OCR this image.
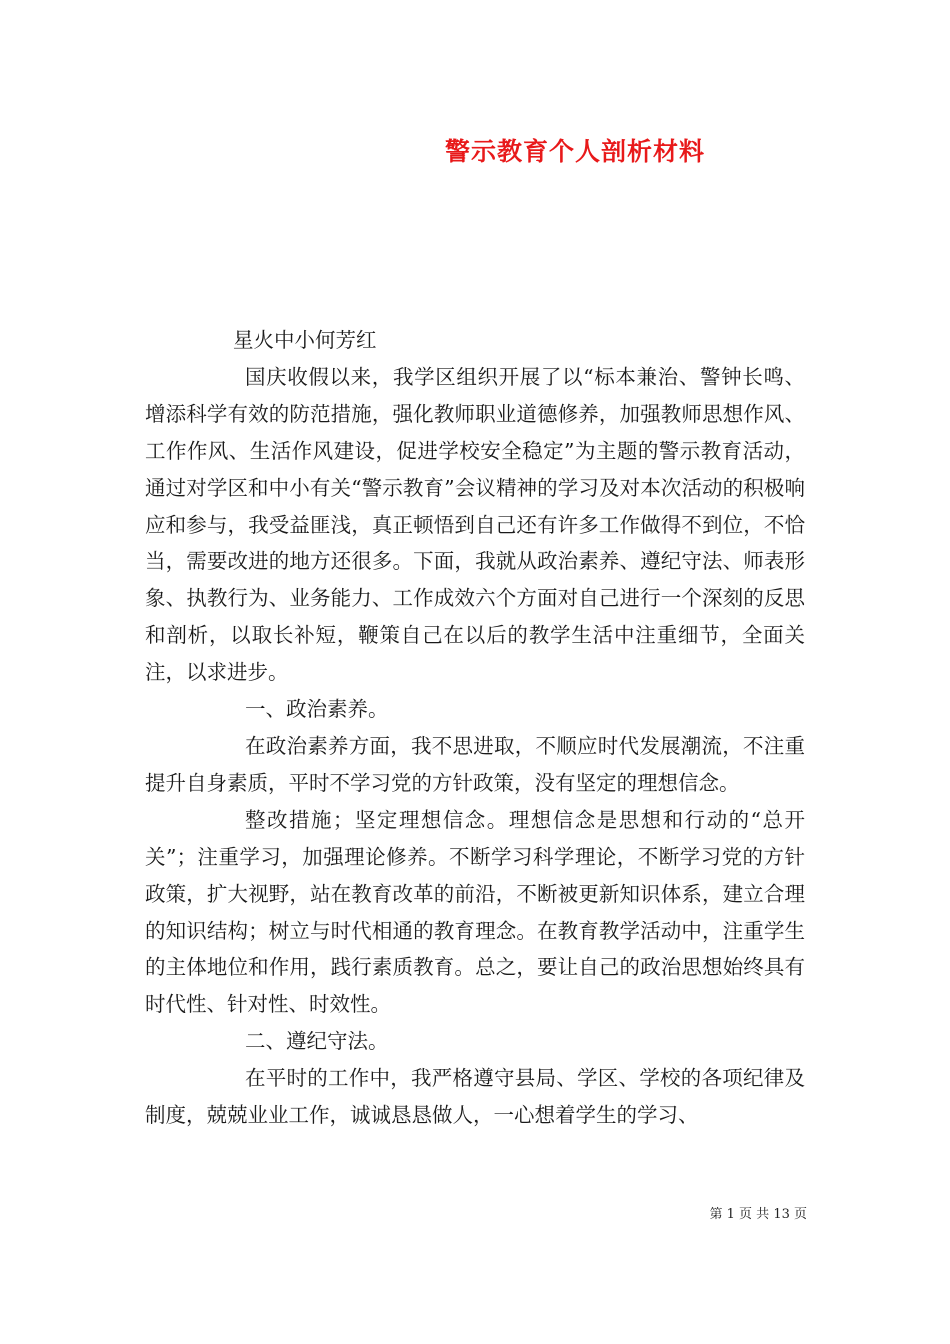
警示教育个人剖析材料

星火中小何芳红

国庆收假以来，我学区组织开展了以“标本兼治、警钟长鸣、增添科学有效的防范措施，强化教师职业道德修养，加强教师思想作风、工作作风、生活作风建设，促进学校安全稳定”为主题的警示教育活动，通过对学区和中小有关“警示教育”会议精神的学习及对本次活动的积极响应和参与，我受益匪浅，真正顿悟到自己还有许多工作做得不到位，不恰当，需要改进的地方还很多。下面，我就从政治素养、遵纪守法、师表形象、执教行为、业务能力、工作成效六个方面对自己进行一个深刻的反思和剖析，以取长补短，鞭策自己在以后的教学生活中注重细节，全面关注，以求进步。

一、政治素养。

在政治素养方面，我不思进取，不顺应时代发展潮流，不注重提升自身素质，平时不学习党的方针政策，没有坚定的理想信念。

整改措施；坚定理想信念。理想信念是思想和行动的“总开关”；注重学习，加强理论修养。不断学习科学理论，不断学习党的方针政策，扩大视野，站在教育改革的前沿，不断被更新知识体系，建立合理的知识结构；树立与时代相通的教育理念。在教育教学活动中，注重学生的主体地位和作用，践行素质教育。总之，要让自己的政治思想始终具有时代性、针对性、时效性。

二、遵纪守法。

在平时的工作中，我严格遵守县局、学区、学校的各项纪律及制度，兢兢业业工作，诚诚恳恳做人，一心想着学生的学习、

第 1 页 共 13 页
